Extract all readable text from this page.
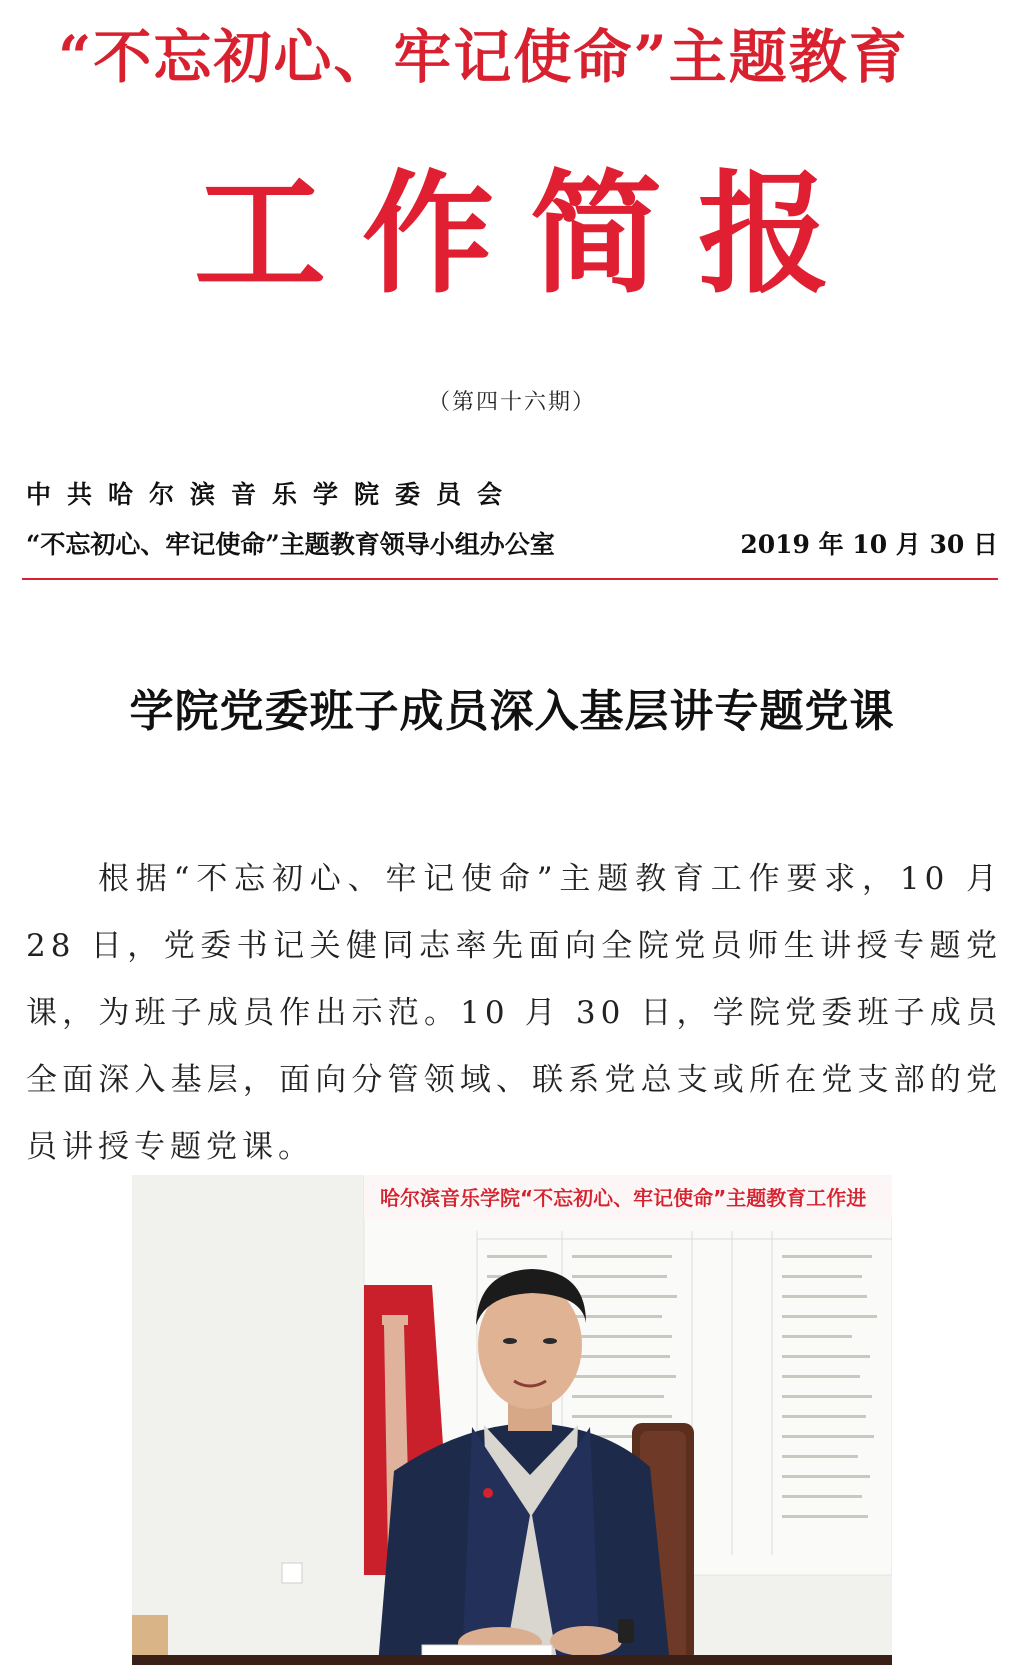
“不忘初心、牢记使命”主题教育
工作简报
（第四十六期）
中共哈尔滨音乐学院委员会
“不忘初心、牢记使命”主题教育领导小组办公室	2019 年 10 月 30 日
学院党委班子成员深入基层讲专题党课
根据“不忘初心、牢记使命”主题教育工作要求，10 月 28 日，党委书记关健同志率先面向全院党员师生讲授专题党课，为班子成员作出示范。10 月 30 日，学院党委班子成员全面深入基层，面向分管领域、联系党总支或所在党支部的党员讲授专题党课。
哈尔滨音乐学院“不忘初心、牢记使命”主题教育工作进
